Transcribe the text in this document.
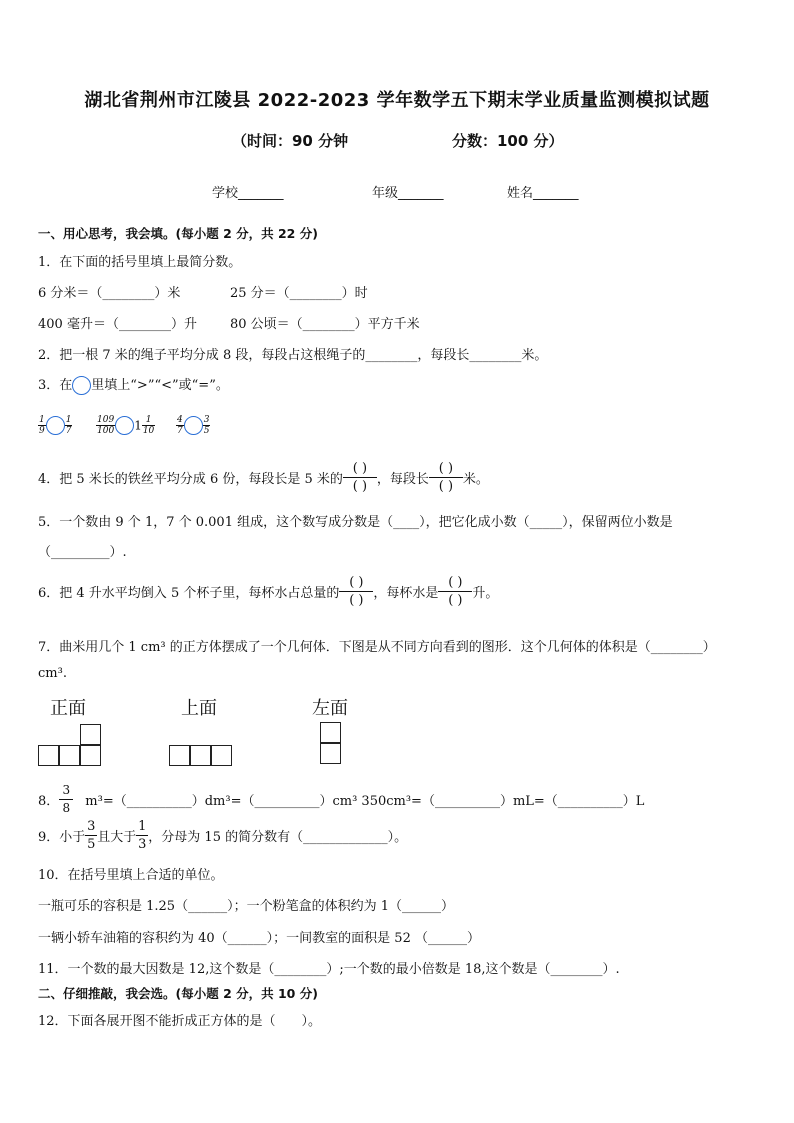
湖北省荆州市江陵县 2022-2023 学年数学五下期末学业质量监测模拟试题
（时间：90 分钟	分数：100 分）
学校_______	年级_______	姓名_______
一、用心思考，我会填。(每小题 2 分，共 22 分)
1．在下面的括号里填上最简分数。
6 分米＝（________）米	25 分＝（________）时
400 毫升＝（________）升	80 公顷＝（________）平方千米
2．把一根 7 米的绳子平均分成 8 段，每段占这根绳子的________，每段长________米。
3．在 里填上“>”“<”或“=”。
$\frac{1}{9} \frac{1}{7}$	$\frac{109}{100} 1 \frac{1}{10} \frac{4}{7} \frac{3}{5}$
4．把 5 米长的铁丝平均分成 6 份，每段长是 5 米的
( )
( ) ，每段长
( )
( ) 米。
5．一个数由 9 个 1，7 个 0.001 组成，这个数写成分数是（____），把它化成小数（_____），保留两位小数是
（_________）.
6．把 4 升水平均倒入 5 个杯子里，每杯水占总量的
( )
( ) ，每杯水是
( )
( ) 升。
7．曲米用几个 1 cm³ 的正方体摆成了一个几何体．下图是从不同方向看到的图形．这个几何体的体积是（________）
cm³.
正面	上面	左面
8． $\frac{3}{8}$ m³=（__________）dm³=（__________）cm³ 350cm³=（__________）mL=（__________）L
9．小于 $\frac{3}{5}$ 且大于 $\frac{1}{3}$ ，分母为 15 的简分数有（_____________）。
10．在括号里填上合适的单位。
一瓶可乐的容积是 1.25（______）；一个粉笔盒的体积约为 1（______）
一辆小轿车油箱的容积约为 40（______）；一间教室的面积是 52 （______）
11．一个数的最大因数是 12,这个数是（________）;一个数的最小倍数是 18,这个数是（________）.
二、仔细推敲，我会选。(每小题 2 分，共 10 分)
12．下面各展开图不能折成正方体的是（　　）。
